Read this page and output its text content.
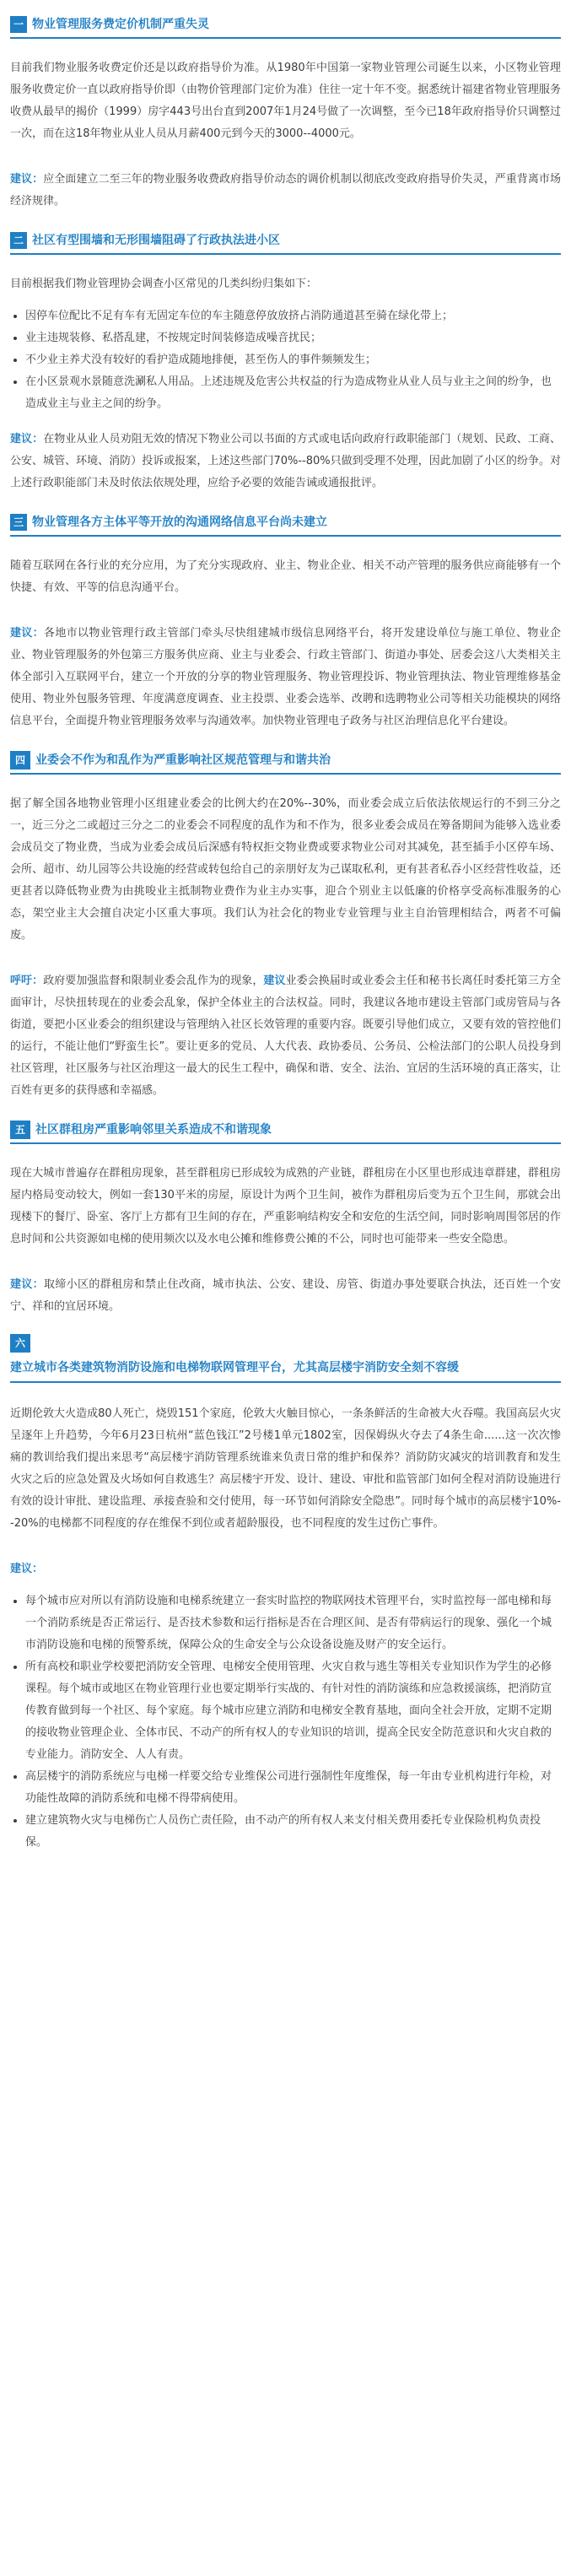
一 物业管理服务费定价机制严重失灵

目前我们物业服务收费定价还是以政府指导价为准。从1980年中国第一家物业管理公司诞生以来，小区物业管理服务收费定价一直以政府指导价即（由物价管理部门定价为准）住往一定十年不变。据悉统计福建省物业管理服务收费从最早的揭价（1999）房字443号出台直到2007年1月24号做了一次调整，至今已18年政府指导价只调整过一次，而在这18年物业从业人员从月薪400元到今天的3000--4000元。

建议：应全面建立二至三年的物业服务收费政府指导价动态的调价机制以彻底改变政府指导价失灵，严重背离市场经济规律。

二 社区有型围墙和无形围墙阻碍了行政执法进小区

目前根据我们物业管理协会调查小区常见的几类纠纷归集如下：

• 因停车位配比不足有车有无固定车位的车主随意停放放挤占消防通道甚至骑在绿化带上；
• 业主违规装修、私搭乱建，不按规定时间装修造成噪音扰民；
• 不少业主养犬没有较好的看护造成随地排便，甚至伤人的事件频频发生；
• 在小区景观水景随意洗涮私人用品。上述违规及危害公共权益的行为造成物业从业人员与业主之间的纷争，也造成业主与业主之间的纷争。

建议：在物业从业人员劝阻无效的情况下物业公司以书面的方式或电话向政府行政职能部门（规划、民政、工商、公安、城管、环境、消防）投诉或报案，上述这些部门70%--80%只做到受理不处理，因此加剧了小区的纷争。对上述行政职能部门未及时依法依规处理，应给予必要的效能告诫或通报批评。

三 物业管理各方主体平等开放的沟通网络信息平台尚未建立

随着互联网在各行业的充分应用，为了充分实现政府、业主、物业企业、相关不动产管理的服务供应商能够有一个快捷、有效、平等的信息沟通平台。

建议：各地市以物业管理行政主管部门牵头尽快组建城市级信息网络平台，将开发建设单位与施工单位、物业企业、物业管理服务的外包第三方服务供应商、业主与业委会、行政主管部门、街道办事处、居委会这八大类相关主体全部引入互联网平台，建立一个开放的分享的物业管理服务、物业管理投诉、物业管理执法、物业管理维修基金使用、物业外包服务管理、年度满意度调查、业主投票、业委会选举、改聘和选聘物业公司等相关功能模块的网络信息平台，全面提升物业管理服务效率与沟通效率。加快物业管理电子政务与社区治理信息化平台建设。

四 业委会不作为和乱作为严重影响社区规范管理与和谐共治

据了解全国各地物业管理小区组建业委会的比例大约在20%--30%，而业委会成立后依法依规运行的不到三分之一，近三分之二或超过三分之二的业委会不同程度的乱作为和不作为，很多业委会成员在筹备期间为能够入选业委会成员交了物业费，当成为业委会成员后深感有特权拒交物业费或要求物业公司对其减免，甚至插手小区停车场、会所、超市、幼儿园等公共设施的经营或转包给自己的亲朋好友为己谋取私利，更有甚者私吞小区经营性收益，还更甚者以降低物业费为由挑唆业主抵制物业费作为业主办实事，迎合个别业主以低廉的价格享受高标准服务的心态，架空业主大会擅自决定小区重大事项。我们认为社会化的物业专业管理与业主自治管理相结合，两者不可偏废。

呼吁：政府要加强监督和限制业委会乱作为的现象，建议业委会换届时或业委会主任和秘书长离任时委托第三方全面审计，尽快扭转现在的业委会乱象，保护全体业主的合法权益。同时，我建议各地市建设主管部门或房管局与各街道，要把小区业委会的组织建设与管理纳入社区长效管理的重要内容。既要引导他们成立，又要有效的管控他们的运行，不能让他们“野蛮生长”。要让更多的党员、人大代表、政协委员、公务员、公检法部门的公职人员投身到社区管理，社区服务与社区治理这一最大的民生工程中，确保和谐、安全、法治、宜居的生活环境的真正落实，让百姓有更多的获得感和幸福感。

五 社区群租房严重影响邻里关系造成不和谐现象

现在大城市普遍存在群租房现象，甚至群租房已形成较为成熟的产业链，群租房在小区里也形成违章群建，群租房屋内格局变动较大，例如一套130平米的房屋，原设计为两个卫生间，被作为群租房后变为五个卫生间，那就会出现楼下的餐厅、卧室、客厅上方都有卫生间的存在，严重影响结构安全和安危的生活空间，同时影响周围邻居的作息时间和公共资源如电梯的使用频次以及水电公摊和维修费公摊的不公，同时也可能带来一些安全隐患。

建议：取缔小区的群租房和禁止住改商，城市执法、公安、建设、房管、街道办事处要联合执法，还百姓一个安宁、祥和的宜居环境。

六
建立城市各类建筑物消防设施和电梯物联网管理平台，尤其高层楼宇消防安全刻不容缓

近期伦敦大火造成80人死亡，烧毁151个家庭，伦敦大火触目惊心，一条条鲜活的生命被大火吞噬。我国高层火灾呈逐年上升趋势，今年6月23日杭州“蓝色钱江”2号楼1单元1802室，因保姆纵火夺去了4条生命......这一次次惨痛的教训给我们提出来思考“高层楼宇消防管理系统谁来负责日常的维护和保养？消防防灾减灾的培训教育和发生火灾之后的应急处置及火场如何自救逃生？高层楼宇开发、设计、建设、审批和监管部门如何全程对消防设施进行有效的设计审批、建设监理、承接查验和交付使用，每一环节如何消除安全隐患”。同时每个城市的高层楼宇10%--20%的电梯都不同程度的存在维保不到位或者超龄服役，也不同程度的发生过伤亡事件。

建议：

• 每个城市应对所以有消防设施和电梯系统建立一套实时监控的物联网技术管理平台，实时监控每一部电梯和每一个消防系统是否正常运行、是否技术参数和运行指标是否在合理区间、是否有带病运行的现象、强化一个城市消防设施和电梯的预警系统，保障公众的生命安全与公众设备设施及财产的安全运行。
• 所有高校和职业学校要把消防安全管理、电梯安全使用管理、火灾自救与逃生等相关专业知识作为学生的必修课程。每个城市或地区在物业管理行业也要定期举行实战的、有针对性的消防演练和应急救援演练，把消防宣传教育做到每一个社区、每个家庭。每个城市应建立消防和电梯安全教育基地，面向全社会开放，定期不定期的接收物业管理企业、全体市民、不动产的所有权人的专业知识的培训，提高全民安全防范意识和火灾自救的专业能力。消防安全、人人有责。
• 高层楼宇的消防系统应与电梯一样要交给专业维保公司进行强制性年度维保，每一年由专业机构进行年检，对功能性故障的消防系统和电梯不得带病使用。
• 建立建筑物火灾与电梯伤亡人员伤亡责任险，由不动产的所有权人来支付相关费用委托专业保险机构负责投保。
